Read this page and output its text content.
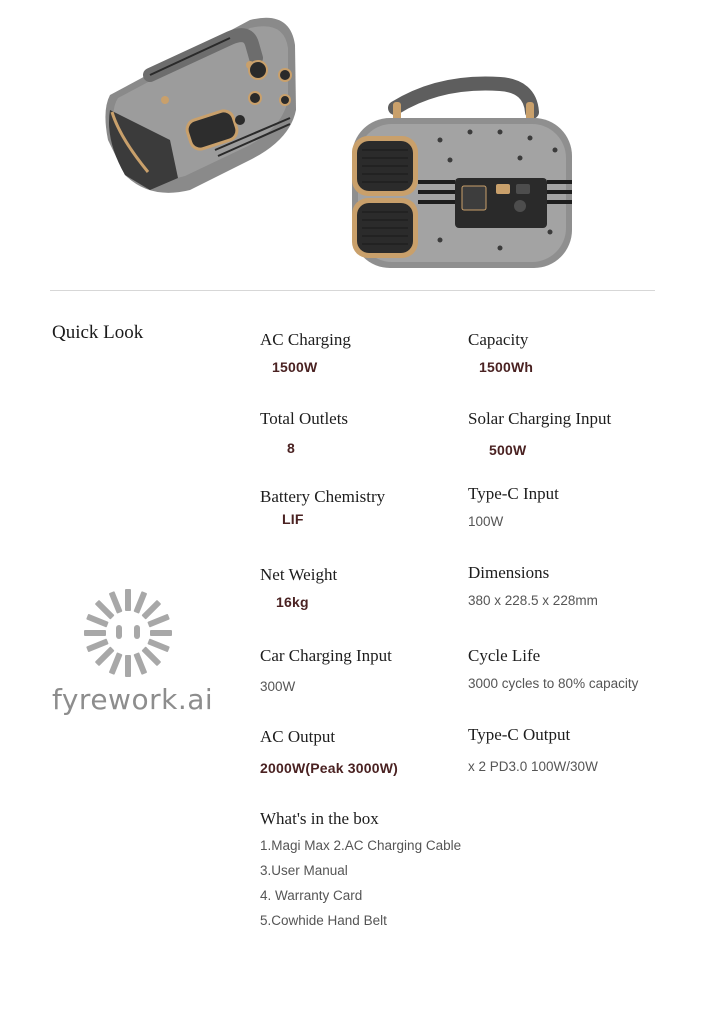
Quick Look	AC Charging
1500W
Capacity
1500Wh
Total Outlets
8
Solar Charging Input
500W
Battery Chemistry
LIF
Type-C Input
100W
Net Weight
16kg
Dimensions
380 x 228.5 x 228mm
Car Charging Input
300W
Cycle Life
3000 cycles to 80% capacity
AC Output
2000W(Peak 3000W)
Type-C Output
x 2 PD3.0 100W/30W
What's in the box
1.Magi Max 2.AC Charging Cable
3.User Manual
4. Warranty Card
5.Cowhide Hand Belt
fyrework.ai
